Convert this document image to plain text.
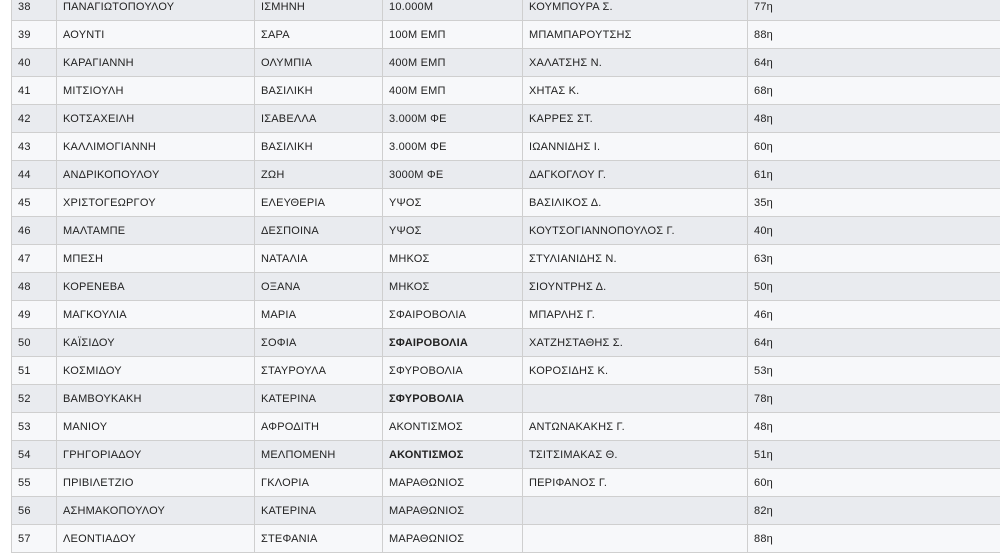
38	ΠΑΝΑΓΙΩΤΟΠΟΥΛΟΥ	ΙΣΜΗΝΗ	10.000Μ	ΚΟΥΜΠΟΥΡΑ Σ.	77η
39	ΑΟΥΝΤΙ	ΣΑΡΑ	100Μ ΕΜΠ	ΜΠΑΜΠΑΡΟΥΤΣΗΣ	88η
40	ΚΑΡΑΓΙΑΝΝΗ	ΟΛΥΜΠΙΑ	400Μ ΕΜΠ	ΧΑΛΑΤΣΗΣ Ν.	64η
41	ΜΙΤΣΙΟΥΛΗ	ΒΑΣΙΛΙΚΗ	400Μ ΕΜΠ	ΧΗΤΑΣ Κ.	68η
42	ΚΟΤΣΑΧΕΙΛΗ	ΙΣΑΒΕΛΛΑ	3.000Μ ΦΕ	ΚΑΡΡΕΣ ΣΤ.	48η
43	ΚΑΛΛΙΜΟΓΙΑΝΝΗ	ΒΑΣΙΛΙΚΗ	3.000Μ ΦΕ	ΙΩΑΝΝΙΔΗΣ Ι.	60η
44	ΑΝΔΡΙΚΟΠΟΥΛΟΥ	ΖΩΗ	3000Μ ΦΕ	ΔΑΓΚΟΓΛΟΥ Γ.	61η
45	ΧΡΙΣΤΟΓΕΩΡΓΟΥ	ΕΛΕΥΘΕΡΙΑ	ΥΨΟΣ	ΒΑΣΙΛΙΚΟΣ Δ.	35η
46	ΜΑΛΤΑΜΠΕ	ΔΕΣΠΟΙΝΑ	ΥΨΟΣ	ΚΟΥΤΣΟΓΙΑΝΝΟΠΟΥΛΟΣ Γ.	40η
47	ΜΠΕΣΗ	ΝΑΤΑΛΙΑ	ΜΗΚΟΣ	ΣΤΥΛΙΑΝΙΔΗΣ Ν.	63η
48	ΚΟΡΕΝΕΒΑ	ΟΞΑΝΑ	ΜΗΚΟΣ	ΣΙΟΥΝΤΡΗΣ Δ.	50η
49	ΜΑΓΚΟΥΛΙΑ	ΜΑΡΙΑ	ΣΦΑΙΡΟΒΟΛΙΑ	ΜΠΑΡΛΗΣ Γ.	46η
50	ΚΑΪΣΙΔΟΥ	ΣΟΦΙΑ	ΣΦΑΙΡΟΒΟΛΙΑ	ΧΑΤΖΗΣΤΑΘΗΣ Σ.	64η
51	ΚΟΣΜΙΔΟΥ	ΣΤΑΥΡΟΥΛΑ	ΣΦΥΡΟΒΟΛΙΑ	ΚΟΡΟΣΙΔΗΣ Κ.	53η
52	ΒΑΜΒΟΥΚΑΚΗ	ΚΑΤΕΡΙΝΑ	ΣΦΥΡΟΒΟΛΙΑ		78η
53	ΜΑΝΙΟΥ	ΑΦΡΟΔΙΤΗ	ΑΚΟΝΤΙΣΜΟΣ	ΑΝΤΩΝΑΚΑΚΗΣ Γ.	48η
54	ΓΡΗΓΟΡΙΑΔΟΥ	ΜΕΛΠΟΜΕΝΗ	ΑΚΟΝΤΙΣΜΟΣ	ΤΣΙΤΣΙΜΑΚΑΣ Θ.	51η
55	ΠΡΙΒΙΛΕΤΖΙΟ	ΓΚΛΟΡΙΑ	ΜΑΡΑΘΩΝΙΟΣ	ΠΕΡΙΦΑΝΟΣ Γ.	60η
56	ΑΣΗΜΑΚΟΠΟΥΛΟΥ	ΚΑΤΕΡΙΝΑ	ΜΑΡΑΘΩΝΙΟΣ		82η
57	ΛΕΟΝΤΙΑΔΟΥ	ΣΤΕΦΑΝΙΑ	ΜΑΡΑΘΩΝΙΟΣ		88η
